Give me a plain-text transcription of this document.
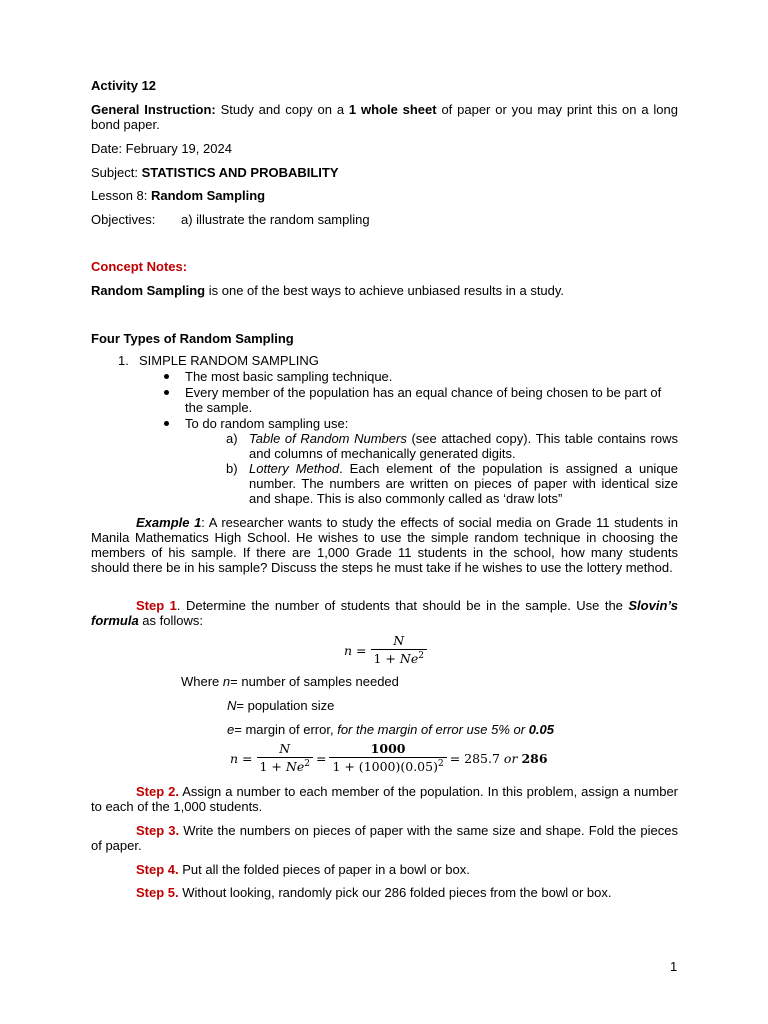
Activity 12

General Instruction: Study and copy on a 1 whole sheet of paper or you may print this on a long bond paper.

Date: February 19, 2024

Subject: STATISTICS AND PROBABILITY

Lesson 8: Random Sampling

Objectives: a) illustrate the random sampling

Concept Notes:

Random Sampling is one of the best ways to achieve unbiased results in a study.

Four Types of Random Sampling

1. SIMPLE RANDOM SAMPLING

The most basic sampling technique.

Every member of the population has an equal chance of being chosen to be part of the sample.

To do random sampling use:

a) Table of Random Numbers (see attached copy). This table contains rows and columns of mechanically generated digits.

b) Lottery Method. Each element of the population is assigned a unique number. The numbers are written on pieces of paper with identical size and shape. This is also commonly called as ‘draw lots”

Example 1: A researcher wants to study the effects of social media on Grade 11 students in Manila Mathematics High School. He wishes to use the simple random technique in choosing the members of his sample. If there are 1,000 Grade 11 students in the school, how many students should there be in his sample? Discuss the steps he must take if he wishes to use the lottery method.

Step 1. Determine the number of students that should be in the sample. Use the Slovin’s formula as follows:

$n = \frac{N}{1 + Ne^2}$

Where n= number of samples needed

N= population size

e= margin of error, for the margin of error use 5% or 0.05

$n = \frac{N}{1 + Ne^2} = \frac{1000}{1 + (1000)(0.05)^2} = 285.7$ or 286

Step 2. Assign a number to each member of the population. In this problem, assign a number to each of the 1,000 students.

Step 3. Write the numbers on pieces of paper with the same size and shape. Fold the pieces of paper.

Step 4. Put all the folded pieces of paper in a bowl or box.

Step 5. Without looking, randomly pick our 286 folded pieces from the bowl or box.

1
